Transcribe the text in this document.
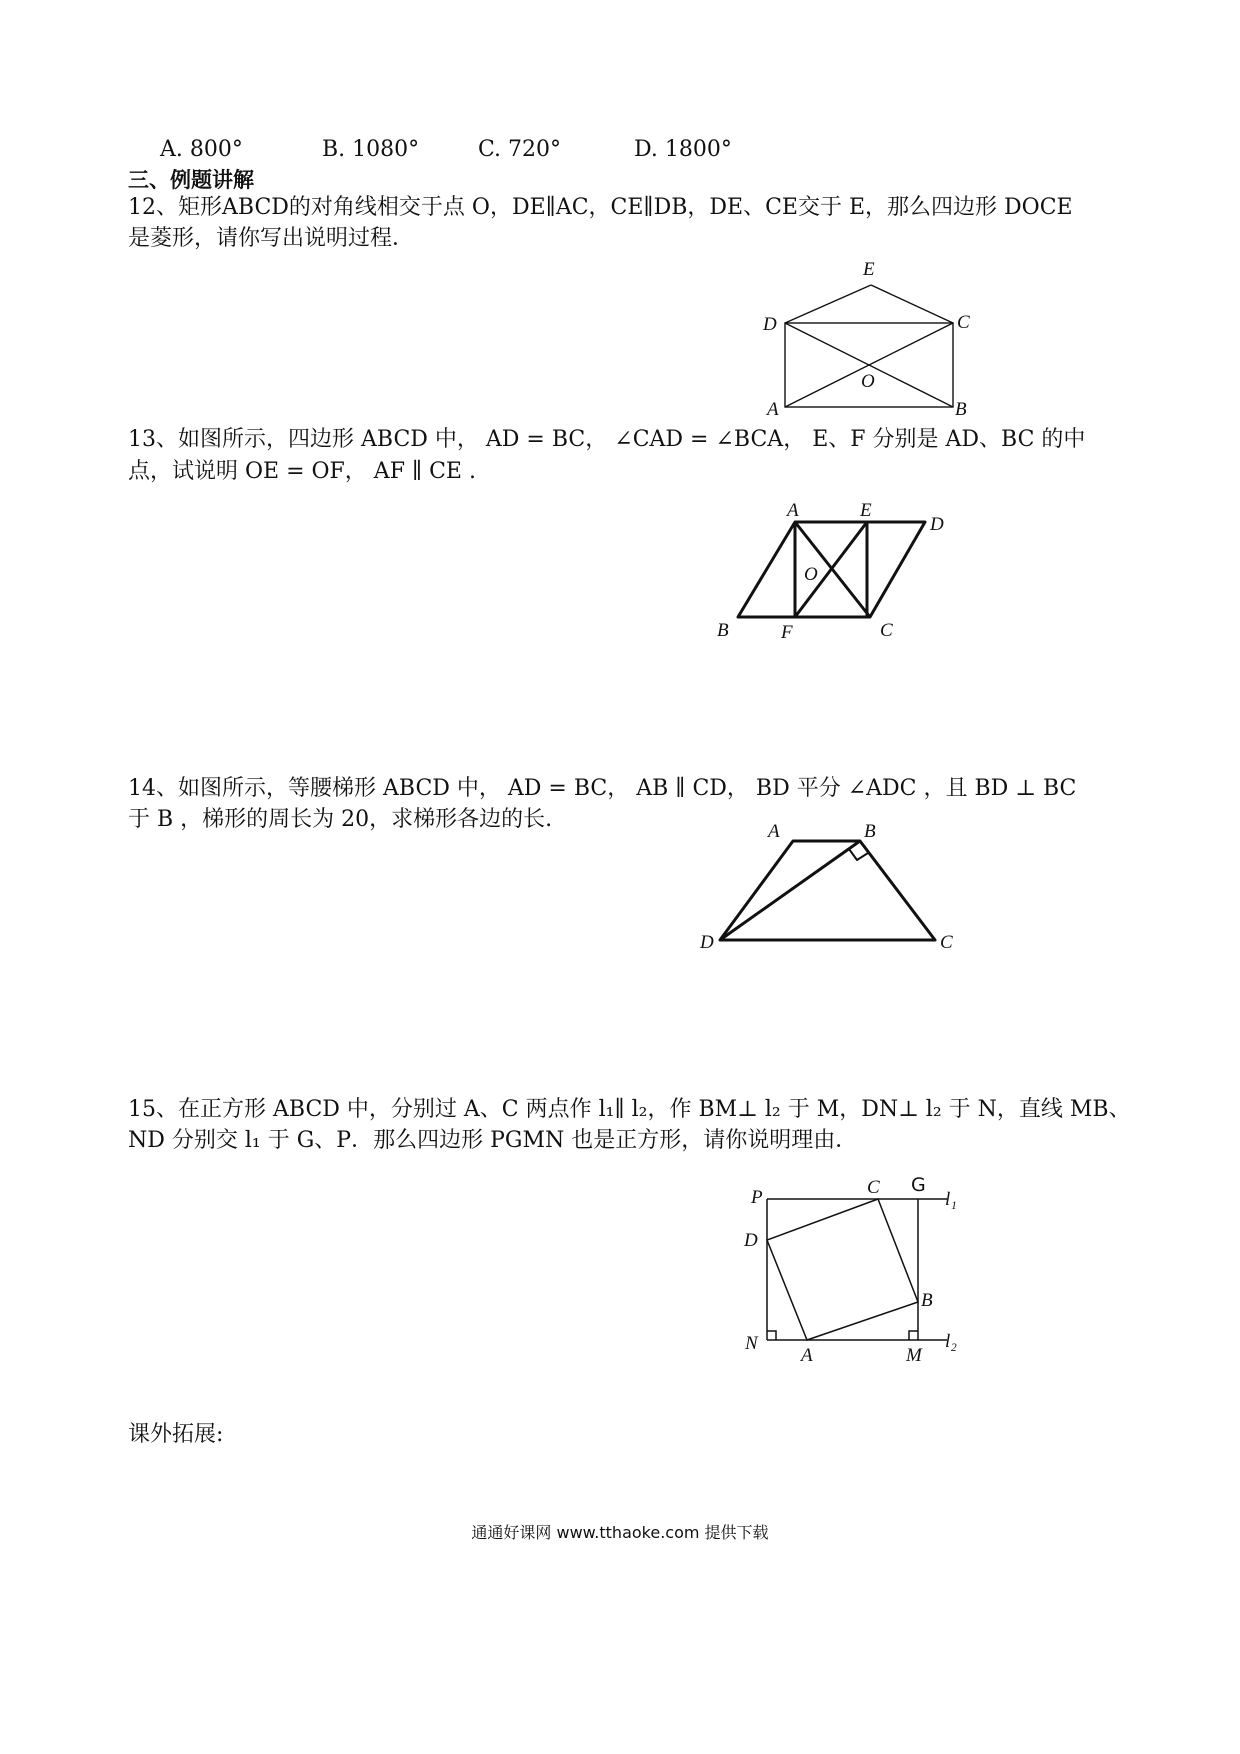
A. 800°	B. 1080°	C. 720°	D. 1800°
三、例题讲解
12、矩形ABCD的对角线相交于点 O，DE∥AC，CE∥DB，DE、CE交于 E，那么四边形 DOCE
是菱形，请你写出说明过程．
E
D	C
O
A	B
13、如图所示，四边形 ABCD 中， AD = BC， ∠CAD = ∠BCA， E、F 分别是 AD、BC 的中
点，试说明 OE = OF， AF ∥ CE .
A	E
D
O
B	F	C
14、如图所示，等腰梯形 ABCD 中， AD = BC， AB ∥ CD， BD 平分 ∠ADC ，且 BD ⊥ BC
于 B ，梯形的周长为 20，求梯形各边的长.	A	B
D	C
15、在正方形 ABCD 中，分别过 A、C 两点作 l₁∥ l₂，作 BM⊥ l₂ 于 M，DN⊥ l₂ 于 N，直线 MB、
ND 分别交 l₁ 于 G、P．那么四边形 PGMN 也是正方形，请你说明理由．
P	C G
l₁
D
B
N
A	M
l₂
课外拓展:
通通好课网 www.tthaoke.com 提供下载
